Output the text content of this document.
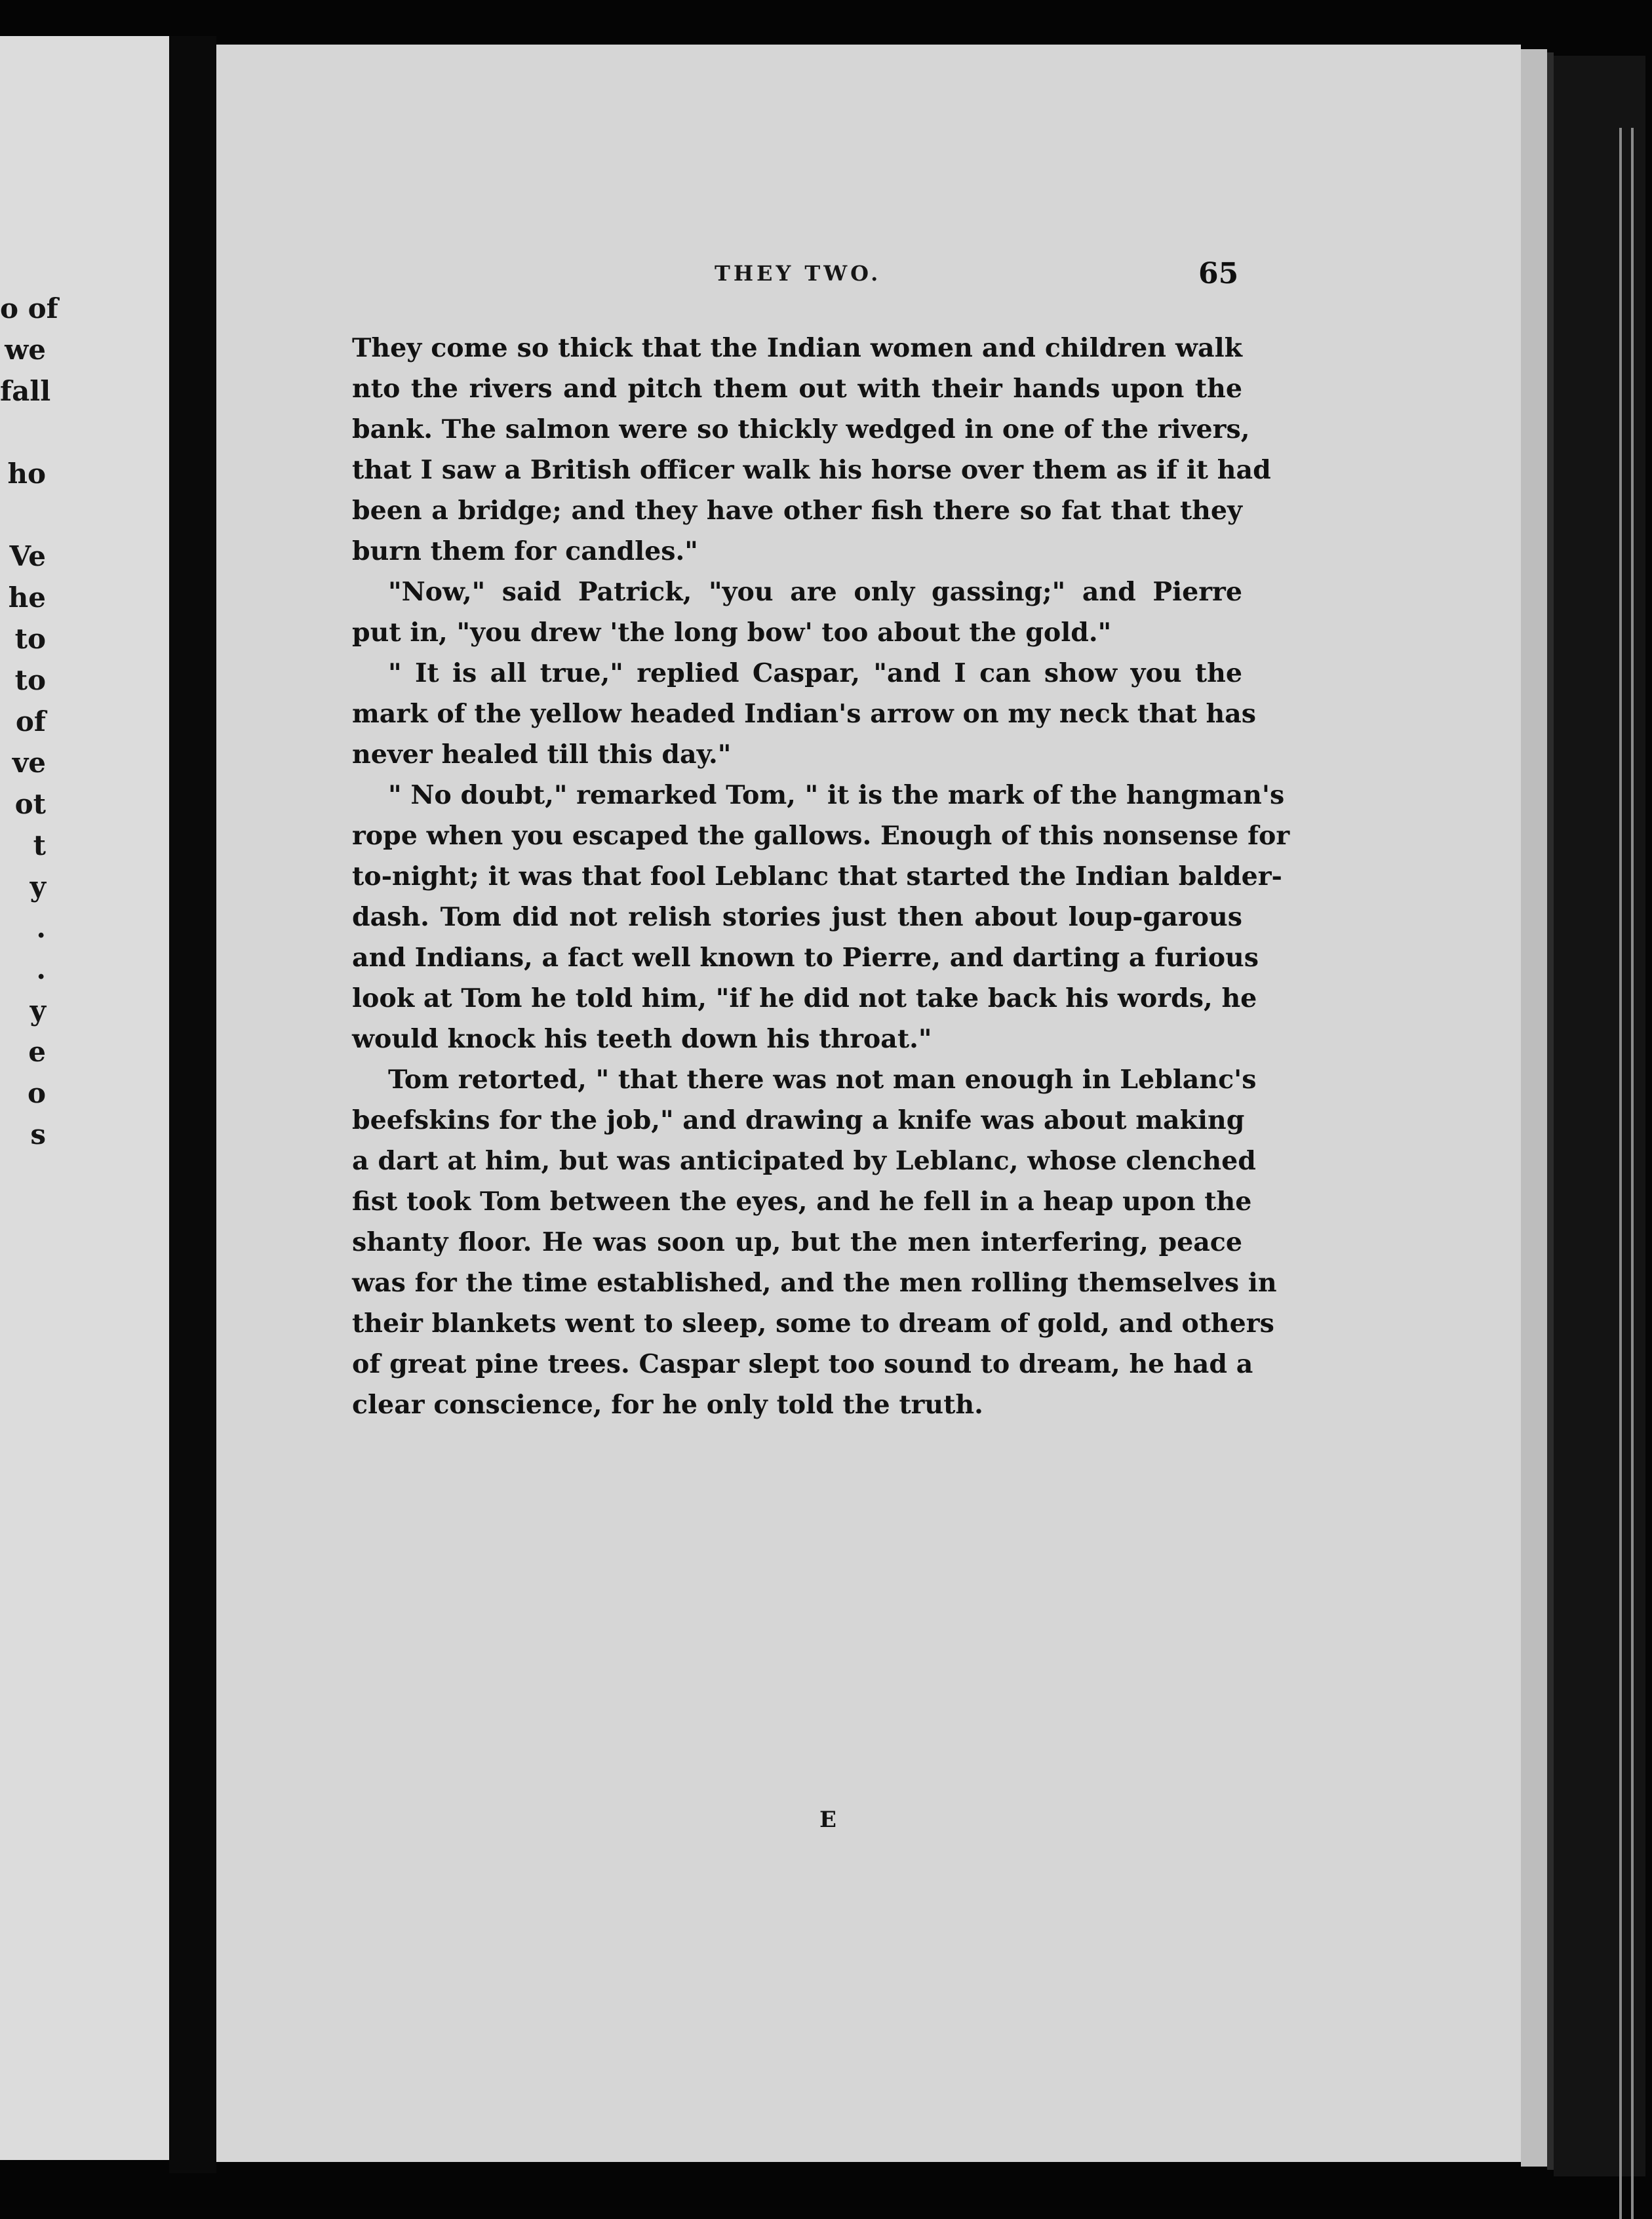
o of
we
fall
ho
Ve
he
to
to
of
ve
ot
t
y
.
.
y
e
o
s
THEY TWO.	65
They come so thick that the Indian women and children walk
nto the rivers and pitch them out with their hands upon the
bank. The salmon were so thickly wedged in one of the rivers,
that I saw a British officer walk his horse over them as if it had
been a bridge; and they have other fish there so fat that they
burn them for candles."
"Now," said Patrick, "you are only gassing;" and Pierre
put in, "you drew 'the long bow' too about the gold."
" It is all true," replied Caspar, "and I can show you the
mark of the yellow headed Indian's arrow on my neck that has
never healed till this day."
" No doubt," remarked Tom, " it is the mark of the hangman's
rope when you escaped the gallows. Enough of this nonsense for
to-night; it was that fool Leblanc that started the Indian balder-
dash. Tom did not relish stories just then about loup-garous
and Indians, a fact well known to Pierre, and darting a furious
look at Tom he told him, "if he did not take back his words, he
would knock his teeth down his throat."
Tom retorted, " that there was not man enough in Leblanc's
beefskins for the job," and drawing a knife was about making
a dart at him, but was anticipated by Leblanc, whose clenched
fist took Tom between the eyes, and he fell in a heap upon the
shanty floor. He was soon up, but the men interfering, peace
was for the time established, and the men rolling themselves in
their blankets went to sleep, some to dream of gold, and others
of great pine trees. Caspar slept too sound to dream, he had a
clear conscience, for he only told the truth.
E
